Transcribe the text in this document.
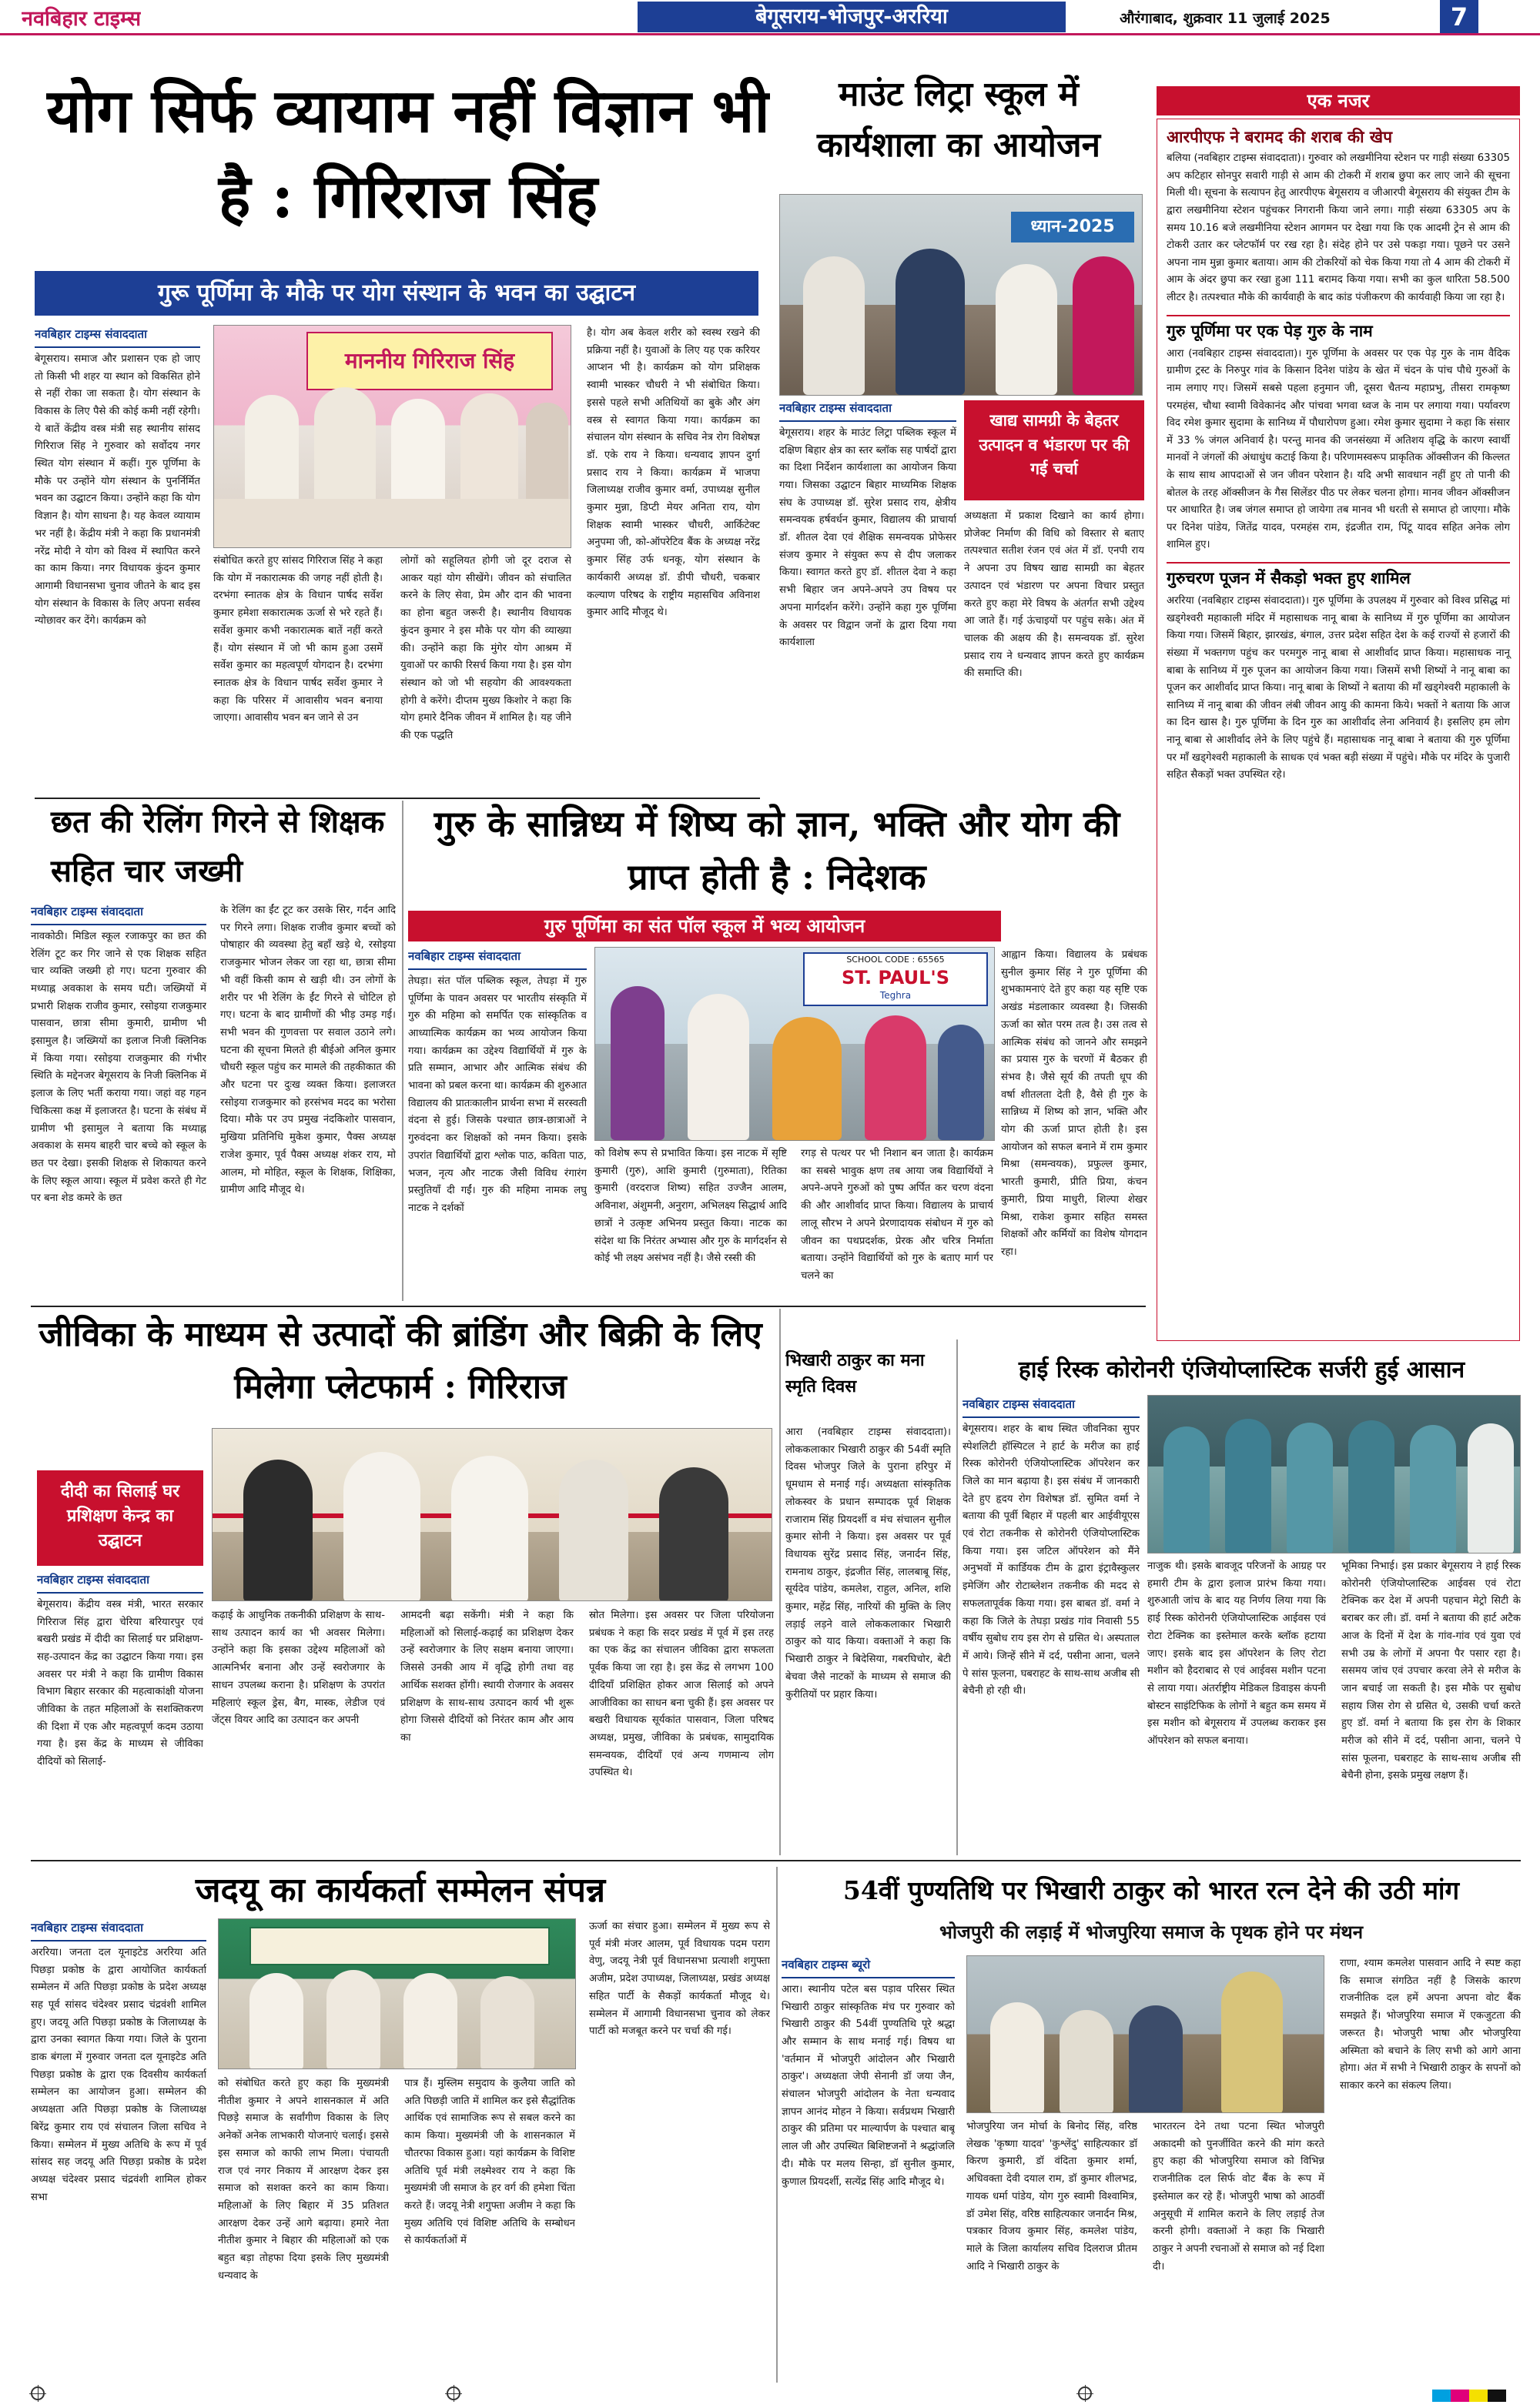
नवबिहार टाइम्स	बेगूसराय-भोजपुर-अररिया	औरंगाबाद, शुक्रवार 11 जुलाई 2025	7
योग सिर्फ व्यायाम नहीं विज्ञान भी है : गिरिराज सिंह
गुरू पूर्णिमा के मौके पर योग संस्थान के भवन का उद्घाटन
नवबिहार टाइम्स संवाददाता
बेगूसराय। समाज और प्रशासन एक हो जाए तो किसी भी शहर या स्थान को विकसित होने से नहीं रोका जा सकता है। योग संस्थान के विकास के लिए पैसे की कोई कमी नहीं रहेगी। ये बातें केंद्रीय वस्त्र मंत्री सह स्थानीय सांसद गिरिराज सिंह ने गुरुवार को सर्वोदय नगर स्थित योग संस्थान में कहीं। गुरु पूर्णिमा के मौके पर उन्होंने योग संस्थान के पुनर्निर्मित भवन का उद्घाटन किया। उन्होंने कहा कि योग विज्ञान है। योग साधना है। यह केवल व्यायाम भर नहीं है। केंद्रीय मंत्री ने कहा कि प्रधानमंत्री नरेंद्र मोदी ने योग को विश्व में स्थापित करने का काम किया। नगर विधायक कुंदन कुमार आगामी विधानसभा चुनाव जीतने के बाद इस योग संस्थान के विकास के लिए अपना सर्वस्व न्योछावर कर देंगे। कार्यक्रम को
माननीय गिरिराज सिंह
संबोधित करते हुए सांसद गिरिराज सिंह ने कहा कि योग में नकारात्मक की जगह नहीं होती है। दरभंगा स्नातक क्षेत्र के विधान पार्षद सर्वेश कुमार हमेशा सकारात्मक ऊर्जा से भरे रहते हैं। सर्वेश कुमार कभी नकारात्मक बातें नहीं करते हैं। योग संस्थान में जो भी काम हुआ उसमें सर्वेश कुमार का महत्वपूर्ण योगदान है। दरभंगा स्नातक क्षेत्र के विधान पार्षद सर्वेश कुमार ने कहा कि परिसर में आवासीय भवन बनाया जाएगा। आवासीय भवन बन जाने से उन
लोगों को सहूलियत होगी जो दूर दराज से आकर यहां योग सीखेंगे। जीवन को संचालित करने के लिए सेवा, प्रेम और दान की भावना का होना बहुत जरूरी है। स्थानीय विधायक कुंदन कुमार ने इस मौके पर योग की व्याख्या की। उन्होंने कहा कि मुंगेर योग आश्रम में युवाओं पर काफी रिसर्च किया गया है। इस योग संस्थान को जो भी सहयोग की आवश्यकता होगी वे करेंगे। दीप्तम मुख्य किशोर ने कहा कि योग हमारे दैनिक जीवन में शामिल है। यह जीने की एक पद्धति
है। योग अब केवल शरीर को स्वस्थ रखने की प्रक्रिया नहीं है। युवाओं के लिए यह एक करियर आप्शन भी है। कार्यक्रम को योग प्रशिक्षक स्वामी भास्कर चौधरी ने भी संबोधित किया। इससे पहले सभी अतिथियों का बुके और अंग वस्त्र से स्वागत किया गया। कार्यक्रम का संचालन योग संस्थान के सचिव नेत्र रोग विशेषज्ञ डॉ. एके राय ने किया। धन्यवाद ज्ञापन दुर्गा प्रसाद राय ने किया। कार्यक्रम में भाजपा जिलाध्यक्ष राजीव कुमार वर्मा, उपाध्यक्ष सुनील कुमार मुन्ना, डिप्टी मेयर अनिता राय, योग शिक्षक स्वामी भास्कर चौधरी, आर्किटेक्ट अनुपमा जी, को-ऑपरेटिव बैंक के अध्यक्ष नरेंद्र कुमार सिंह उर्फ धनकू, योग संस्थान के कार्यकारी अध्यक्ष डॉ. डीपी चौधरी, चकबार कल्याण परिषद के राष्ट्रीय महासचिव अविनाश कुमार आदि मौजूद थे।
माउंट लिट्रा स्कूल में कार्यशाला का आयोजन
ध्यान-2025
नवबिहार टाइम्स संवाददाता
बेगूसराय। शहर के माउंट लिट्रा पब्लिक स्कूल में दक्षिण बिहार क्षेत्र का स्तर ब्लॉक सह पार्षदों द्वारा का दिशा निर्देशन कार्यशाला का आयोजन किया गया। जिसका उद्घाटन बिहार माध्यमिक शिक्षक संघ के उपाध्यक्ष डॉ. सुरेश प्रसाद राय, क्षेत्रीय समन्वयक हर्षवर्धन कुमार, विद्यालय की प्राचार्या डॉ. शीतल देवा एवं शैक्षिक समन्वयक प्रोफेसर संजय कुमार ने संयुक्त रूप से दीप जलाकर किया। स्वागत करते हुए डॉ. शीतल देवा ने कहा सभी बिहार जन अपने-अपने उप विषय पर अपना मार्गदर्शन करेंगे। उन्होंने कहा गुरु पूर्णिमा के अवसर पर विद्वान जनों के द्वारा दिया गया कार्यशाला
खाद्य सामग्री के बेहतर उत्पादन व भंडारण पर की गई चर्चा
अध्यक्षता में प्रकाश दिखाने का कार्य होगा। प्रोजेक्ट निर्माण की विधि को विस्तार से बताए तत्पश्चात सतीश रंजन एवं अंत में डॉ. एनपी राय ने अपना उप विषय खाद्य सामग्री का बेहतर उत्पादन एवं भंडारण पर अपना विचार प्रस्तुत करते हुए कहा मेरे विषय के अंतर्गत सभी उद्देश्य आ जाते हैं। गई ऊंचाइयों पर पहुंच सके। अंत में चालक की अक्षय की है। समन्वयक डॉ. सुरेश प्रसाद राय ने धन्यवाद ज्ञापन करते हुए कार्यक्रम की समाप्ति की।
एक नजर
आरपीएफ ने बरामद की शराब की खेप
बलिया (नवबिहार टाइम्स संवाददाता)। गुरुवार को लखमीनिया स्टेशन पर गाड़ी संख्या 63305 अप कटिहार सोनपुर सवारी गाड़ी से आम की टोकरी में शराब छुपा कर लाए जाने की सूचना मिली थी। सूचना के सत्यापन हेतु आरपीएफ बेगूसराय व जीआरपी बेगूसराय की संयुक्त टीम के द्वारा लखमीनिया स्टेशन पहुंचकर निगरानी किया जाने लगा। गाड़ी संख्या 63305 अप के समय 10.16 बजे लखमीनिया स्टेशन आगमन पर देखा गया कि एक आदमी ट्रेन से आम की टोकरी उतार कर प्लेटफॉर्म पर रख रहा है। संदेह होने पर उसे पकड़ा गया। पूछने पर उसने अपना नाम मुन्ना कुमार बताया। आम की टोकरियों को चेक किया गया तो 4 आम की टोकरी में आम के अंदर छुपा कर रखा हुआ 111 बरामद किया गया। सभी का कुल धारिता 58.500 लीटर है। तत्पश्चात मौके की कार्यवाही के बाद कांड पंजीकरण की कार्यवाही किया जा रहा है।
गुरु पूर्णिमा पर एक पेड़ गुरु के नाम
आरा (नवबिहार टाइम्स संवाददाता)। गुरु पूर्णिमा के अवसर पर एक पेड़ गुरु के नाम वैदिक ग्रामीण ट्रस्ट के निरुपुर गांव के किसान दिनेश पांडेय के खेत में चंदन के पांच पौधे गुरुओं के नाम लगाए गए। जिसमें सबसे पहला हनुमान जी, दूसरा चैतन्य महाप्रभु, तीसरा रामकृष्ण परमहंस, चौथा स्वामी विवेकानंद और पांचवा भगवा ध्वज के नाम पर लगाया गया। पर्यावरण विद रमेश कुमार सुदामा के सानिध्य में पौधारोपण हुआ। रमेश कुमार सुदामा ने कहा कि संसार में 33 % जंगल अनिवार्य है। परन्तु मानव की जनसंख्या में अतिशय वृद्धि के कारण स्वार्थी मानवों ने जंगलों की अंधाधुंध कटाई किया है। परिणामस्वरूप प्राकृतिक ऑक्सीजन की किल्लत के साथ साथ आपदाओं से जन जीवन परेशान है। यदि अभी सावधान नहीं हुए तो पानी की बोतल के तरह ऑक्सीजन के गैस सिलेंडर पीठ पर लेकर चलना होगा। मानव जीवन ऑक्सीजन पर आधारित है। जब जंगल समाप्त हो जायेगा तब मानव भी धरती से समाप्त हो जाएगा। मौके पर दिनेश पांडेय, जितेंद्र यादव, परमहंस राम, इंद्रजीत राम, पिंटू यादव सहित अनेक लोग शामिल हुए।
गुरुचरण पूजन में सैकड़ो भक्त हुए शामिल
अररिया (नवबिहार टाइम्स संवाददाता)। गुरु पूर्णिमा के उपलक्ष्य में गुरुवार को विश्व प्रसिद्ध मां खड्गेश्वरी महाकाली मंदिर में महासाधक नानू बाबा के सानिध्य में गुरु पूर्णिमा का आयोजन किया गया। जिसमें बिहार, झारखंड, बंगाल, उत्तर प्रदेश सहित देश के कई राज्यों से हजारों की संख्या में भक्तगण पहुंच कर परमगुरु नानू बाबा से आशीर्वाद प्राप्त किया। महासाधक नानू बाबा के सानिध्य में गुरु पूजन का आयोजन किया गया। जिसमें सभी शिष्यों ने नानू बाबा का पूजन कर आशीर्वाद प्राप्त किया। नानू बाबा के शिष्यों ने बताया की माँ खड्गेश्वरी महाकाली के सानिध्य में नानू बाबा की जीवन लंबी जीवन आयु की कामना किये। भक्तों ने बताया कि आज का दिन खास है। गुरु पूर्णिमा के दिन गुरु का आशीर्वाद लेना अनिवार्य है। इसलिए हम लोग नानू बाबा से आशीर्वाद लेने के लिए पहुंचे हैं। महासाधक नानू बाबा ने बताया की गुरु पूर्णिमा पर माँ खड्गेश्वरी महाकाली के साधक एवं भक्त बड़ी संख्या में पहुंचे। मौके पर मंदिर के पुजारी सहित सैकड़ों भक्त उपस्थित रहे।
छत की रेलिंग गिरने से शिक्षक सहित चार जख्मी
नवबिहार टाइम्स संवाददाता
नावकोठी। मिडिल स्कूल रजाकपुर का छत की रेलिंग टूट कर गिर जाने से एक शिक्षक सहित चार व्यक्ति जख्मी हो गए। घटना गुरुवार की मध्याह्न अवकाश के समय घटी। जख्मियों में प्रभारी शिक्षक राजीव कुमार, रसोइया राजकुमार पासवान, छात्रा सीमा कुमारी, ग्रामीण भी इसामुल है। जख्मियों का इलाज निजी क्लिनिक में किया गया। रसोइया राजकुमार की गंभीर स्थिति के मद्देनजर बेगूसराय के निजी क्लिनिक में इलाज के लिए भर्ती कराया गया। जहां वह गहन चिकित्सा कक्ष में इलाजरत है। घटना के संबंध में ग्रामीण भी इसामुल ने बताया कि मध्याह्न अवकाश के समय बाहरी चार बच्चे को स्कूल के छत पर देखा। इसकी शिक्षक से शिकायत करने के लिए स्कूल आया। स्कूल में प्रवेश करते ही गेट पर बना शेड कमरे के छत
के रेलिंग का ईंट टूट कर उसके सिर, गर्दन आदि पर गिरने लगा। शिक्षक राजीव कुमार बच्चों को पोषाहार की व्यवस्था हेतु बहाँ खड़े थे, रसोइया राजकुमार भोजन लेकर जा रहा था, छात्रा सीमा भी वहीं किसी काम से खड़ी थी। उन लोगों के शरीर पर भी रेलिंग के ईंट गिरने से चोटिल हो गए। घटना के बाद ग्रामीणों की भीड़ उमड़ गई। सभी भवन की गुणवत्ता पर सवाल उठाने लगे। घटना की सूचना मिलते ही बीईओ अनिल कुमार चौधरी स्कूल पहुंच कर मामले की तहकीकात की और घटना पर दुःख व्यक्त किया। इलाजरत रसोइया राजकुमार को हरसंभव मदद का भरोसा दिया। मौके पर उप प्रमुख नंदकिशोर पासवान, मुखिया प्रतिनिधि मुकेश कुमार, पैक्स अध्यक्ष राजेश कुमार, पूर्व पैक्स अध्यक्ष शंकर राय, मो आलम, मो मोहित, स्कूल के शिक्षक, शिक्षिका, ग्रामीण आदि मौजूद थे।
गुरु के सान्निध्य में शिष्य को ज्ञान, भक्ति और योग की प्राप्त होती है : निदेशक
गुरु पूर्णिमा का संत पॉल स्कूल में भव्य आयोजन
नवबिहार टाइम्स संवाददाता
तेघड़ा। संत पॉल पब्लिक स्कूल, तेघड़ा में गुरु पूर्णिमा के पावन अवसर पर भारतीय संस्कृति में गुरु की महिमा को समर्पित एक सांस्कृतिक व आध्यात्मिक कार्यक्रम का भव्य आयोजन किया गया। कार्यक्रम का उद्देश्य विद्यार्थियों में गुरु के प्रति सम्मान, आभार और आत्मिक संबंध की भावना को प्रबल करना था। कार्यक्रम की शुरुआत विद्यालय की प्रातःकालीन प्रार्थना सभा में सरस्वती वंदना से हुई। जिसके पश्चात छात्र-छात्राओं ने गुरुवंदना कर शिक्षकों को नमन किया। इसके उपरांत विद्यार्थियों द्वारा श्लोक पाठ, कविता पाठ, भजन, नृत्य और नाटक जैसी विविध रंगारंग प्रस्तुतियाँ दी गईं। गुरु की महिमा नामक लघु नाटक ने दर्शकों
SCHOOL CODE : 65565
ST. PAUL'S
Teghra
को विशेष रूप से प्रभावित किया। इस नाटक में सृष्टि कुमारी (गुरु), आशि कुमारी (गुरुमाता), रितिका कुमारी (वरदराज शिष्य) सहित उज्जैन आलम, अविनाश, अंशुमनी, अनुराग, अभिलक्ष्य सिद्धार्थ आदि छात्रों ने उत्कृष्ट अभिनय प्रस्तुत किया। नाटक का संदेश था कि निरंतर अभ्यास और गुरु के मार्गदर्शन से कोई भी लक्ष्य असंभव नहीं है। जैसे रस्सी की
रगड़ से पत्थर पर भी निशान बन जाता है। कार्यक्रम का सबसे भावुक क्षण तब आया जब विद्यार्थियों ने अपने-अपने गुरुओं को पुष्प अर्पित कर चरण वंदना की और आशीर्वाद प्राप्त किया। विद्यालय के प्राचार्य लालू सौरभ ने अपने प्रेरणादायक संबोधन में गुरु को जीवन का पथप्रदर्शक, प्रेरक और चरित्र निर्माता बताया। उन्होंने विद्यार्थियों को गुरु के बताए मार्ग पर चलने का
आह्वान किया। विद्यालय के प्रबंधक सुनील कुमार सिंह ने गुरु पूर्णिमा की शुभकामनाएं देते हुए कहा यह सृष्टि एक अखंड मंडलाकार व्यवस्था है। जिसकी ऊर्जा का स्रोत परम तत्व है। उस तत्व से आत्मिक संबंध को जानने और समझने का प्रयास गुरु के चरणों में बैठकर ही संभव है। जैसे सूर्य की तपती धूप की वर्षा शीतलता देती है, वैसे ही गुरु के सान्निध्य में शिष्य को ज्ञान, भक्ति और योग की ऊर्जा प्राप्त होती है। इस आयोजन को सफल बनाने में राम कुमार मिश्रा (समन्वयक), प्रफुल्ल कुमार, भारती कुमारी, प्रीति प्रिया, कंचन कुमारी, प्रिया माधुरी, शिल्पा शेखर मिश्रा, राकेश कुमार सहित समस्त शिक्षकों और कर्मियों का विशेष योगदान रहा।
जीविका के माध्यम से उत्पादों की ब्रांडिंग और बिक्री के लिए मिलेगा प्लेटफार्म : गिरिराज
दीदी का सिलाई घर प्रशिक्षण केन्द्र का उद्घाटन
नवबिहार टाइम्स संवाददाता
बेगूसराय। केंद्रीय वस्त्र मंत्री, भारत सरकार गिरिराज सिंह द्वारा चेरिया बरियारपुर एवं बखरी प्रखंड में दीदी का सिलाई घर प्रशिक्षण-सह-उत्पादन केंद्र का उद्घाटन किया गया। इस अवसर पर मंत्री ने कहा कि ग्रामीण विकास विभाग बिहार सरकार की महत्वाकांक्षी योजना जीविका के तहत महिलाओं के सशक्तिकरण की दिशा में एक और महत्वपूर्ण कदम उठाया गया है। इस केंद्र के माध्यम से जीविका दीदियों को सिलाई-
कढ़ाई के आधुनिक तकनीकी प्रशिक्षण के साथ-साथ उत्पादन कार्य का भी अवसर मिलेगा। उन्होंने कहा कि इसका उद्देश्य महिलाओं को आत्मनिर्भर बनाना और उन्हें स्वरोजगार के साधन उपलब्ध कराना है। प्रशिक्षण के उपरांत महिलाएं स्कूल ड्रेस, बैग, मास्क, लेडीज एवं जेंट्स वियर आदि का उत्पादन कर अपनी
आमदनी बढ़ा सकेंगी। मंत्री ने कहा कि महिलाओं को सिलाई-कढ़ाई का प्रशिक्षण देकर उन्हें स्वरोजगार के लिए सक्षम बनाया जाएगा। जिससे उनकी आय में वृद्धि होगी तथा वह आर्थिक सशक्त होंगी। स्थायी रोजगार के अवसर प्रशिक्षण के साथ-साथ उत्पादन कार्य भी शुरू होगा जिससे दीदियों को निरंतर काम और आय का
स्रोत मिलेगा। इस अवसर पर जिला परियोजना प्रबंधक ने कहा कि सदर प्रखंड में पूर्व में इस तरह का एक केंद्र का संचालन जीविका द्वारा सफलता पूर्वक किया जा रहा है। इस केंद्र से लगभग 100 दीदियाँ प्रशिक्षित होकर आज सिलाई को अपने आजीविका का साधन बना चुकी हैं। इस अवसर पर बखरी विधायक सूर्यकांत पासवान, जिला परिषद अध्यक्ष, प्रमुख, जीविका के प्रबंधक, सामुदायिक समन्वयक, दीदियाँ एवं अन्य गणमान्य लोग उपस्थित थे।
भिखारी ठाकुर का मना स्मृति दिवस
आरा (नवबिहार टाइम्स संवाददाता)। लोककलाकार भिखारी ठाकुर की 54वीं स्मृति दिवस भोजपुर जिले के पुराना हरिपुर में धूमधाम से मनाई गई। अध्यक्षता सांस्कृतिक लोकस्वर के प्रधान सम्पादक पूर्व शिक्षक राजाराम सिंह प्रियदर्शी व मंच संचालन सुनील कुमार सोनी ने किया। इस अवसर पर पूर्व विधायक सुरेंद्र प्रसाद सिंह, जनार्दन सिंह, रामनाथ ठाकुर, इंद्रजीत सिंह, लालबाबू सिंह, सूर्यदेव पांडेय, कमलेश, राहुल, अनिल, शशि कुमार, महेंद्र सिंह, नारियों की मुक्ति के लिए लड़ाई लड़ने वाले लोककलाकार भिखारी ठाकुर को याद किया। वक्ताओं ने कहा कि भिखारी ठाकुर ने बिदेसिया, गबरघिचोर, बेटी बेचवा जैसे नाटकों के माध्यम से समाज की कुरीतियों पर प्रहार किया।
हाई रिस्क कोरोनरी एंजियोप्लास्टिक सर्जरी हुई आसान
नवबिहार टाइम्स संवाददाता
बेगूसराय। शहर के बाथ स्थित जीवनिका सुपर स्पेशलिटी हॉस्पिटल ने हार्ट के मरीज का हाई रिस्क कोरोनरी एंजियोप्लास्टिक ऑपरेशन कर जिले का मान बढ़ाया है। इस संबंध में जानकारी देते हुए हृदय रोग विशेषज्ञ डॉ. सुमित वर्मा ने बताया की पूर्वी बिहार में पहली बार आईवीयूएस एवं रोटा तकनीक से कोरोनरी एंजियोप्लास्टिक किया गया। इस जटिल ऑपरेशन को मैंने अनुभवों में कार्डियक टीम के द्वारा इंट्रावैस्कुलर इमेजिंग और रोटाब्लेशन तकनीक की मदद से सफलतापूर्वक किया गया। इस बाबत डॉ. वर्मा ने कहा कि जिले के तेघड़ा प्रखंड गांव निवासी 55 वर्षीय सुबोध राय इस रोग से ग्रसित थे। अस्पताल में आये। जिन्हें सीने में दर्द, पसीना आना, चलने पे सांस फूलना, घबराहट के साथ-साथ अजीब सी बेचैनी हो रही थी।
नाजुक थी। इसके बावजूद परिजनों के आग्रह पर हमारी टीम के द्वारा इलाज प्रारंभ किया गया। शुरुआती जांच के बाद यह निर्णय लिया गया कि हाई रिस्क कोरोनरी एंजियोप्लास्टिक आईवस एवं रोटा टेक्निक का इस्तेमाल करके ब्लॉक हटाया जाए। इसके बाद इस ऑपरेशन के लिए रोटा मशीन को हैदराबाद से एवं आईवस मशीन पटना से लाया गया। अंतर्राष्ट्रीय मेडिकल डिवाइस कंपनी बोस्टन साइंटिफिक के लोगों ने बहुत कम समय में इस मशीन को बेगूसराय में उपलब्ध कराकर इस ऑपरेशन को सफल बनाया।
भूमिका निभाई। इस प्रकार बेगूसराय ने हाई रिस्क कोरोनरी एंजियोप्लास्टिक आईवस एवं रोटा टेक्निक कर देश में अपनी पहचान मेट्रो सिटी के बराबर कर ली। डॉ. वर्मा ने बताया की हार्ट अटैक आज के दिनों में देश के गांव-गांव एवं युवा एवं सभी उम्र के लोगों में अपना पैर पसार रहा है। ससमय जांच एवं उपचार करवा लेने से मरीज के जान बचाई जा सकती है। इस मौके पर सुबोध सहाय जिस रोग से ग्रसित थे, उसकी चर्चा करते हुए डॉ. वर्मा ने बताया कि इस रोग के शिकार मरीज को सीने में दर्द, पसीना आना, चलने पे सांस फूलना, घबराहट के साथ-साथ अजीब सी बेचैनी होना, इसके प्रमुख लक्षण हैं।
जदयू का कार्यकर्ता सम्मेलन संपन्न
नवबिहार टाइम्स संवाददाता
अररिया। जनता दल यूनाइटेड अररिया अति पिछड़ा प्रकोष्ठ के द्वारा आयोजित कार्यकर्ता सम्मेलन में अति पिछड़ा प्रकोष्ठ के प्रदेश अध्यक्ष सह पूर्व सांसद चंदेश्वर प्रसाद चंद्रवंशी शामिल हुए। जदयू अति पिछड़ा प्रकोष्ठ के जिलाध्यक्ष के द्वारा उनका स्वागत किया गया। जिले के पुराना डाक बंगला में गुरुवार जनता दल यूनाइटेड अति पिछड़ा प्रकोष्ठ के द्वारा एक दिवसीय कार्यकर्ता सम्मेलन का आयोजन हुआ। सम्मेलन की अध्यक्षता अति पिछड़ा प्रकोष्ठ के जिलाध्यक्ष बिरेंद्र कुमार राय एवं संचालन जिला सचिव ने किया। सम्मेलन में मुख्य अतिथि के रूप में पूर्व सांसद सह जदयू अति पिछड़ा प्रकोष्ठ के प्रदेश अध्यक्ष चंदेश्वर प्रसाद चंद्रवंशी शामिल होकर सभा
को संबोधित करते हुए कहा कि मुख्यमंत्री नीतीश कुमार ने अपने शासनकाल में अति पिछड़े समाज के सर्वांगीण विकास के लिए अनेकों अनेक लाभकारी योजनाएं चलाई। इससे इस समाज को काफी लाभ मिला। पंचायती राज एवं नगर निकाय में आरक्षण देकर इस समाज को सशक्त करने का काम किया। महिलाओं के लिए बिहार में 35 प्रतिशत आरक्षण देकर उन्हें आगे बढ़ाया। हमारे नेता नीतीश कुमार ने बिहार की महिलाओं को एक बहुत बड़ा तोहफा दिया इसके लिए मुख्यमंत्री धन्यवाद के
पात्र हैं। मुस्लिम समुदाय के कुलैया जाति को अति पिछड़ी जाति में शामिल कर इसे सैद्धांतिक आर्थिक एवं सामाजिक रूप से सबल करने का काम किया। मुख्यमंत्री जी के शासनकाल में चौतरफा विकास हुआ। यहां कार्यक्रम के विशिष्ट अतिथि पूर्व मंत्री लक्ष्मेश्वर राय ने कहा कि मुख्यमंत्री जी समाज के हर वर्ग की हमेशा चिंता करते हैं। जदयू नेत्री शगुफ्ता अजीम ने कहा कि मुख्य अतिथि एवं विशिष्ट अतिथि के सम्बोधन से कार्यकर्ताओं में
ऊर्जा का संचार हुआ। सम्मेलन में मुख्य रूप से पूर्व मंत्री मंजर आलम, पूर्व विधायक पदम पराग वेणु, जदयू नेत्री पूर्व विधानसभा प्रत्याशी शगुफ्ता अजीम, प्रदेश उपाध्यक्ष, जिलाध्यक्ष, प्रखंड अध्यक्ष सहित पार्टी के सैकड़ों कार्यकर्ता मौजूद थे। सम्मेलन में आगामी विधानसभा चुनाव को लेकर पार्टी को मजबूत करने पर चर्चा की गई।
54वीं पुण्यतिथि पर भिखारी ठाकुर को भारत रत्न देने की उठी मांग
भोजपुरी की लड़ाई में भोजपुरिया समाज के पृथक होने पर मंथन
नवबिहार टाइम्स ब्यूरो
आरा। स्थानीय पटेल बस पड़ाव परिसर स्थित भिखारी ठाकुर सांस्कृतिक मंच पर गुरुवार को भिखारी ठाकुर की 54वीं पुण्यतिथि पूरे श्रद्धा और सम्मान के साथ मनाई गई। विषय था 'वर्तमान में भोजपुरी आंदोलन और भिखारी ठाकुर'। अध्यक्षता जेपी सेनानी डॉ जया जैन, संचालन भोजपुरी आंदोलन के नेता धन्यवाद ज्ञापन आनंद मोहन ने किया। सर्वप्रथम भिखारी ठाकुर की प्रतिमा पर माल्यार्पण के पश्चात बाबू लाल जी और उपस्थित बिशिष्टजनों ने श्रद्धांजलि दी। मौके पर मलय सिन्हा, डॉ सुनील कुमार, कुणाल प्रियदर्शी, सत्येंद्र सिंह आदि मौजूद थे।
भोजपुरिया जन मोर्चा के बिनोद सिंह, वरिष्ठ लेखक 'कृष्णा यादव' 'कुश्लेंदु' साहित्यकार डॉ किरण कुमारी, डॉ वंदिता कुमार शर्मा, अधिवक्ता देवी दयाल राम, डॉ कुमार शीलभद्र, गायक धर्मा पांडेय, योग गुरु स्वामी विश्वामित्र, डॉ उमेश सिंह, वरिष्ठ साहित्यकार जनार्दन मिश्र, पत्रकार विजय कुमार सिंह, कमलेश पांडेय, माले के जिला कार्यालय सचिव दिलराज प्रीतम आदि ने भिखारी ठाकुर के
भारतरत्न देने तथा पटना स्थित भोजपुरी अकादमी को पुनर्जीवित करने की मांग करते हुए कहा की भोजपुरिया समाज को विभिन्न राजनीतिक दल सिर्फ वोट बैंक के रूप में इस्तेमाल कर रहे हैं। भोजपुरी भाषा को आठवीं अनुसूची में शामिल कराने के लिए लड़ाई तेज करनी होगी। वक्ताओं ने कहा कि भिखारी ठाकुर ने अपनी रचनाओं से समाज को नई दिशा दी।
राणा, श्याम कमलेश पासवान आदि ने स्पष्ट कहा कि समाज संगठित नहीं है जिसके कारण राजनीतिक दल हमें अपना अपना वोट बैंक समझते हैं। भोजपुरिया समाज में एकजुटता की जरूरत है। भोजपुरी भाषा और भोजपुरिया अस्मिता को बचाने के लिए सभी को आगे आना होगा। अंत में सभी ने भिखारी ठाकुर के सपनों को साकार करने का संकल्प लिया।
